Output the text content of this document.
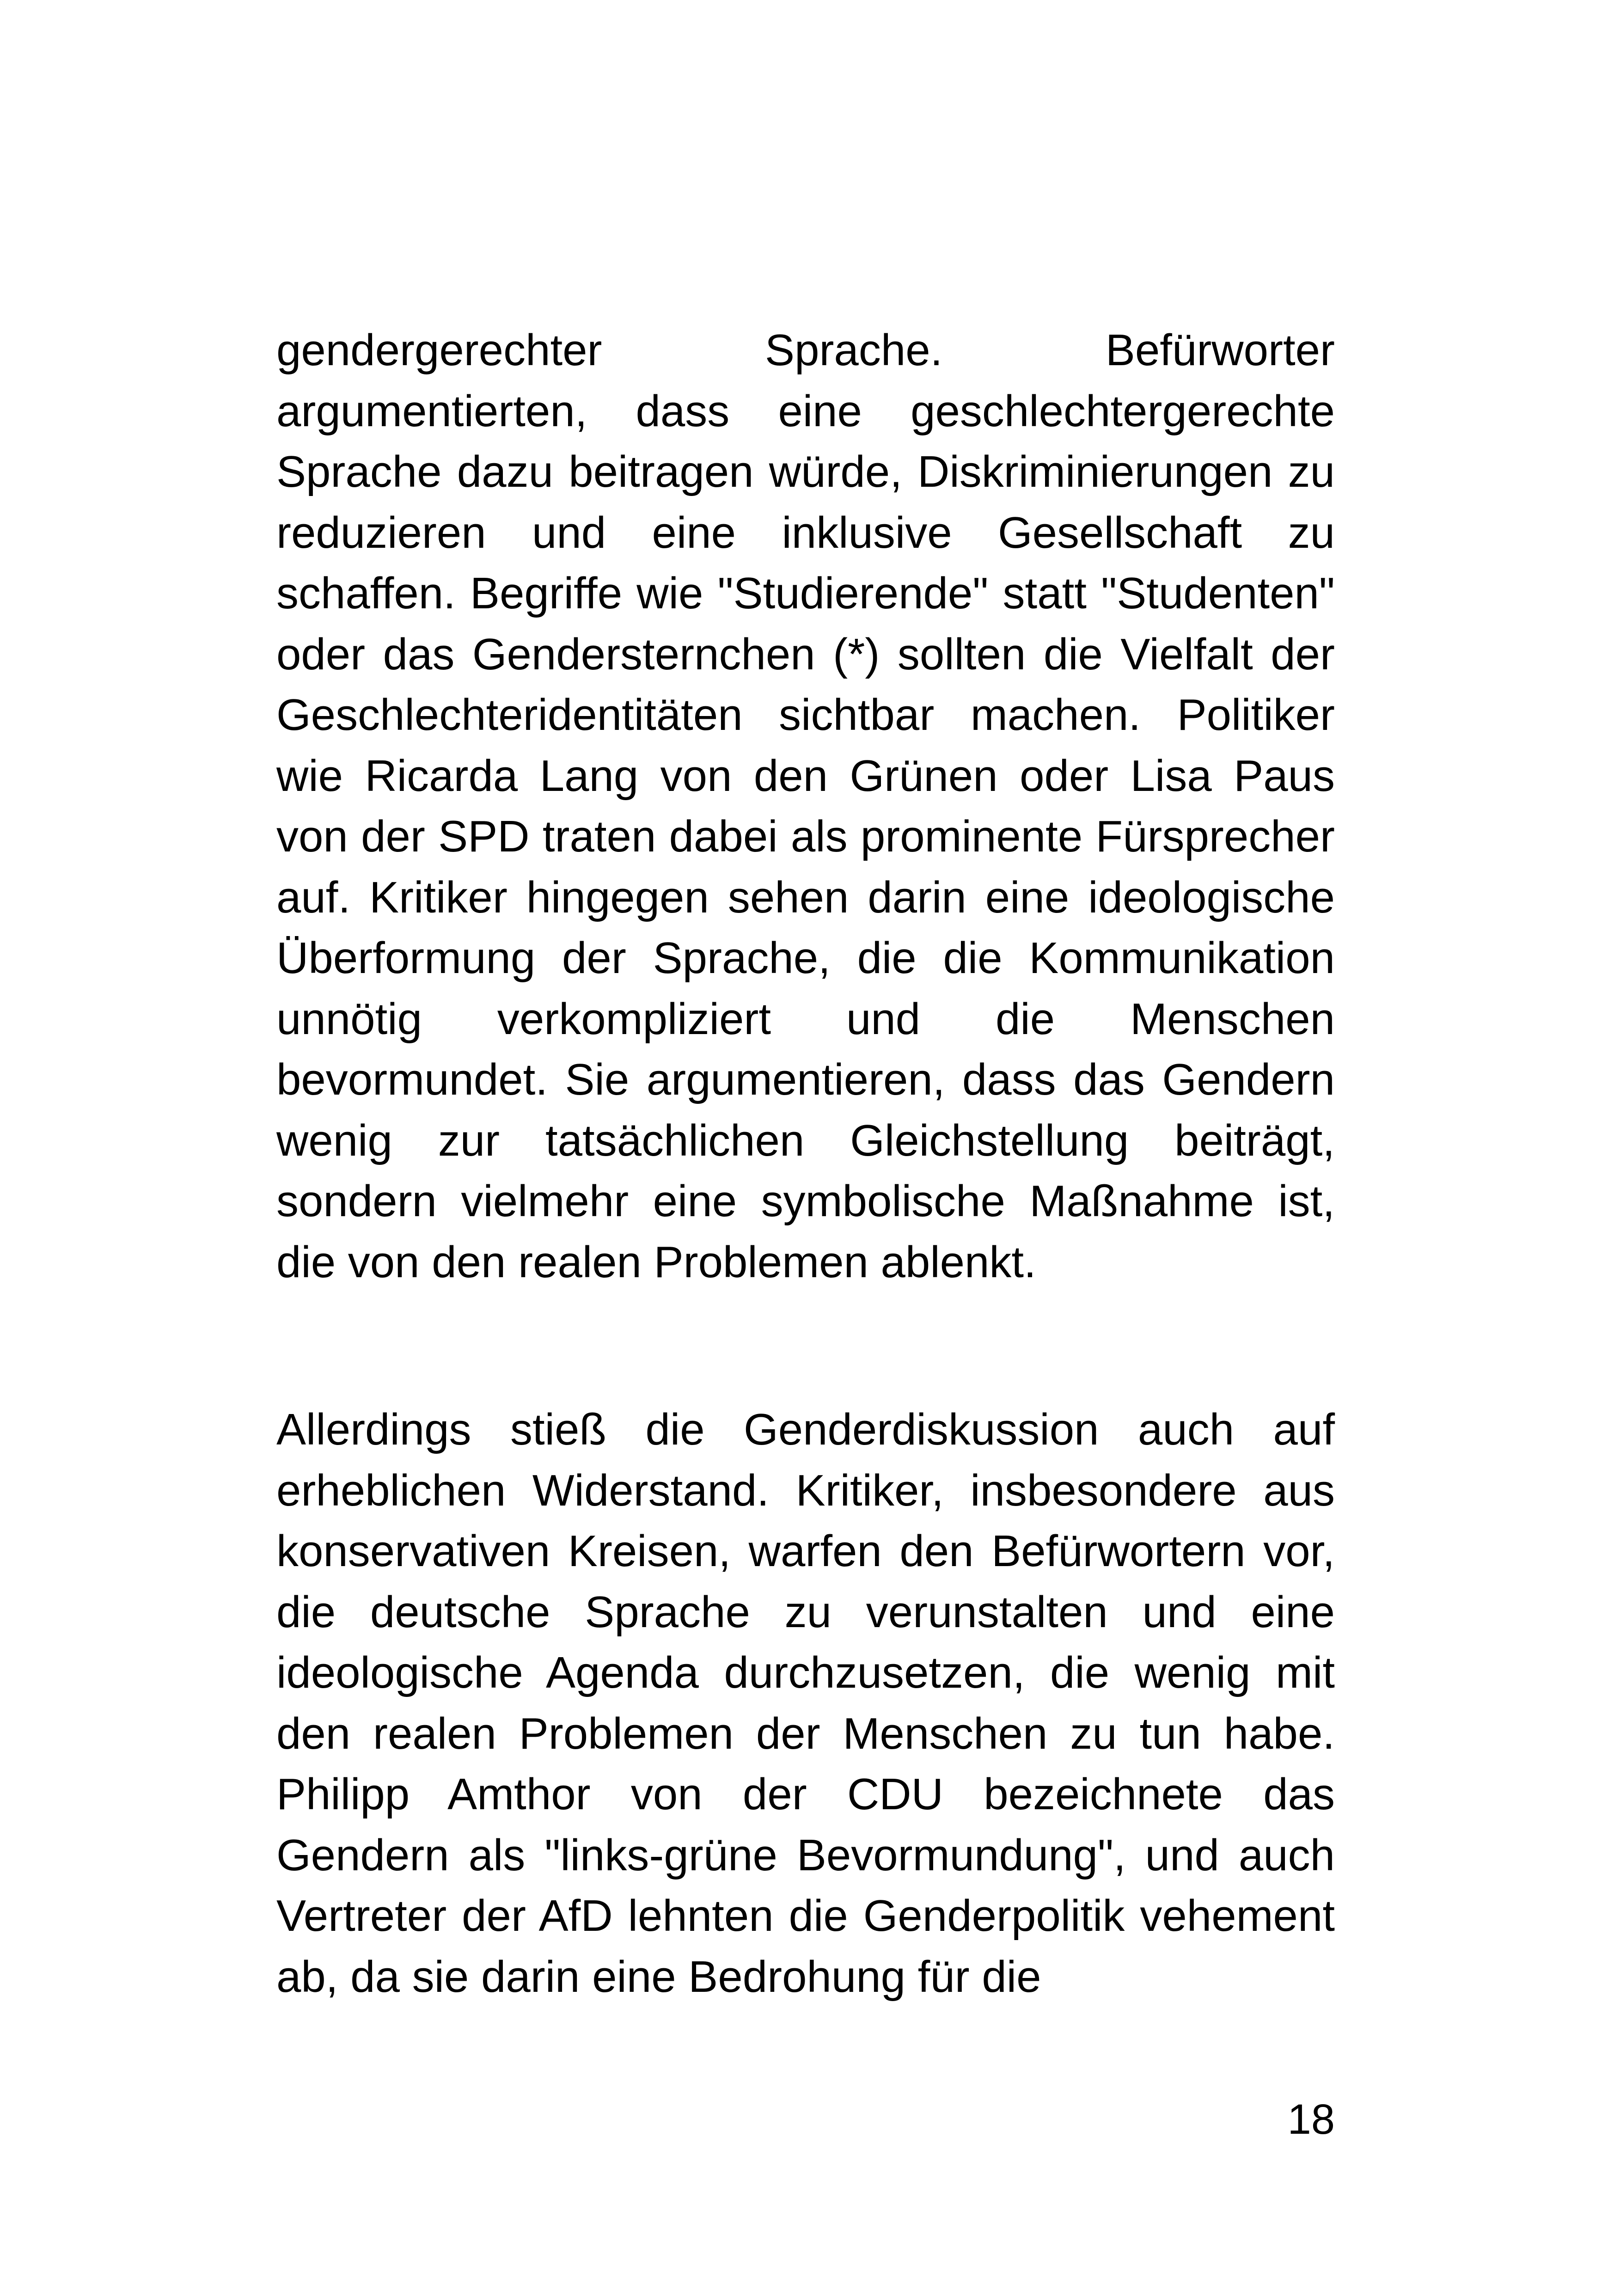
gendergerechter Sprache. Befürworter argumentierten, dass eine geschlechtergerechte Sprache dazu beitragen würde, Diskriminierungen zu reduzieren und eine inklusive Gesellschaft zu schaffen. Begriffe wie "Studierende" statt "Studenten" oder das Gendersternchen (*) sollten die Vielfalt der Geschlechteridentitäten sichtbar machen. Politiker wie Ricarda Lang von den Grünen oder Lisa Paus von der SPD traten dabei als prominente Fürsprecher auf. Kritiker hingegen sehen darin eine ideologische Überformung der Sprache, die die Kommunikation unnötig verkompliziert und die Menschen bevormundet. Sie argumentieren, dass das Gendern wenig zur tatsächlichen Gleichstellung beiträgt, sondern vielmehr eine symbolische Maßnahme ist, die von den realen Problemen ablenkt.

Allerdings stieß die Genderdiskussion auch auf erheblichen Widerstand. Kritiker, insbesondere aus konservativen Kreisen, warfen den Befürwortern vor, die deutsche Sprache zu verunstalten und eine ideologische Agenda durchzusetzen, die wenig mit den realen Problemen der Menschen zu tun habe. Philipp Amthor von der CDU bezeichnete das Gendern als "links-grüne Bevormundung", und auch Vertreter der AfD lehnten die Genderpolitik vehement ab, da sie darin eine Bedrohung für die

18
